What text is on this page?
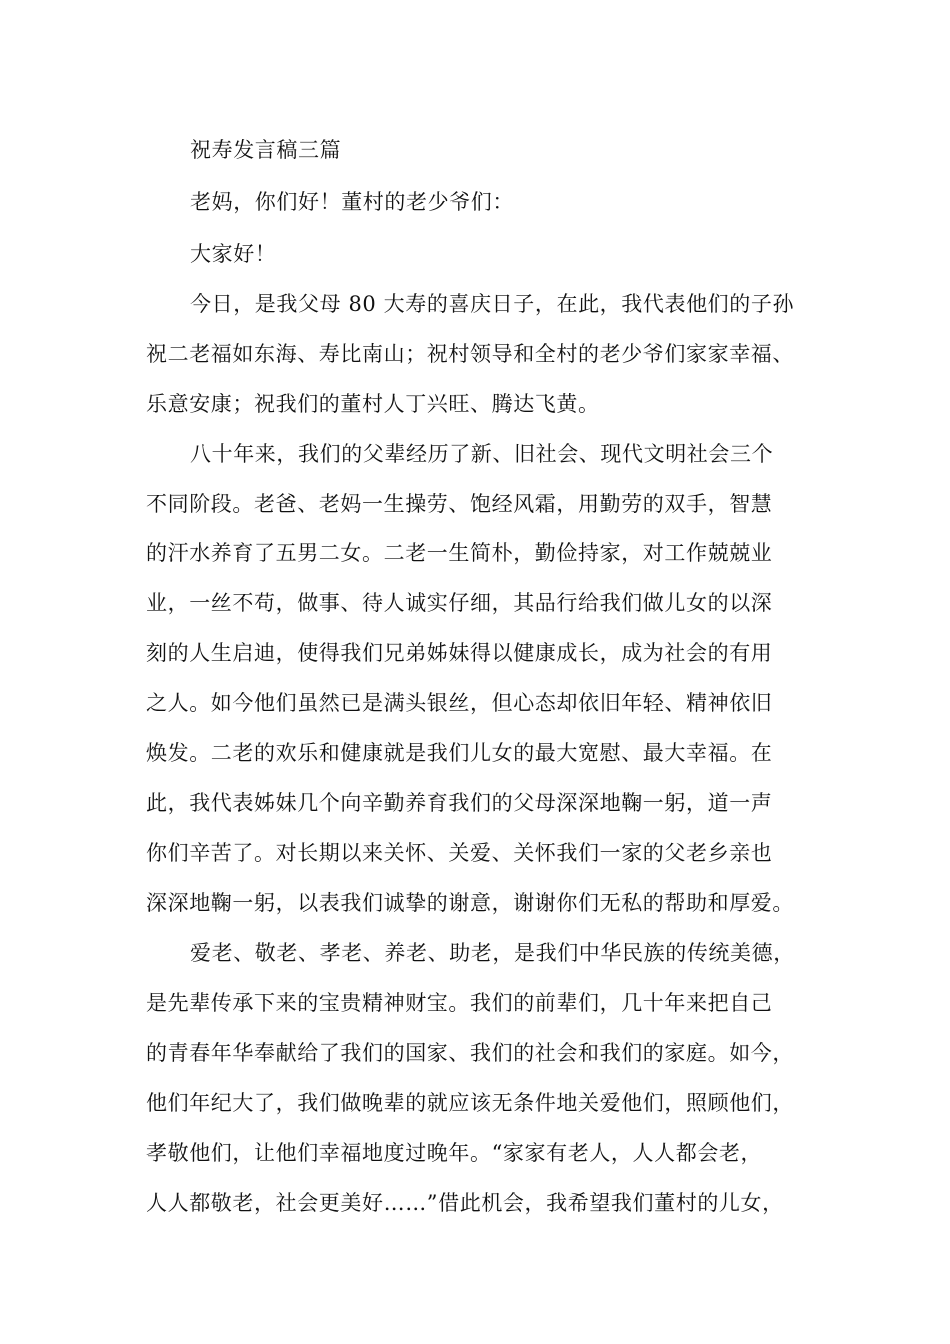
祝寿发言稿三篇
老妈，你们好！董村的老少爷们：
大家好！
今日，是我父母 80 大寿的喜庆日子，在此，我代表他们的子孙
祝二老福如东海、寿比南山；祝村领导和全村的老少爷们家家幸福、
乐意安康；祝我们的董村人丁兴旺、腾达飞黄。
八十年来，我们的父辈经历了新、旧社会、现代文明社会三个
不同阶段。老爸、老妈一生操劳、饱经风霜，用勤劳的双手，智慧
的汗水养育了五男二女。二老一生简朴，勤俭持家，对工作兢兢业
业，一丝不苟，做事、待人诚实仔细，其品行给我们做儿女的以深
刻的人生启迪，使得我们兄弟姊妹得以健康成长，成为社会的有用
之人。如今他们虽然已是满头银丝，但心态却依旧年轻、精神依旧
焕发。二老的欢乐和健康就是我们儿女的最大宽慰、最大幸福。在
此，我代表姊妹几个向辛勤养育我们的父母深深地鞠一躬，道一声
你们辛苦了。对长期以来关怀、关爱、关怀我们一家的父老乡亲也
深深地鞠一躬，以表我们诚挚的谢意，谢谢你们无私的帮助和厚爱。
爱老、敬老、孝老、养老、助老，是我们中华民族的传统美德，
是先辈传承下来的宝贵精神财宝。我们的前辈们，几十年来把自己
的青春年华奉献给了我们的国家、我们的社会和我们的家庭。如今，
他们年纪大了，我们做晚辈的就应该无条件地关爱他们，照顾他们，
孝敬他们，让他们幸福地度过晚年。“家家有老人，人人都会老，
人人都敬老，社会更美好……”借此机会，我希望我们董村的儿女，
